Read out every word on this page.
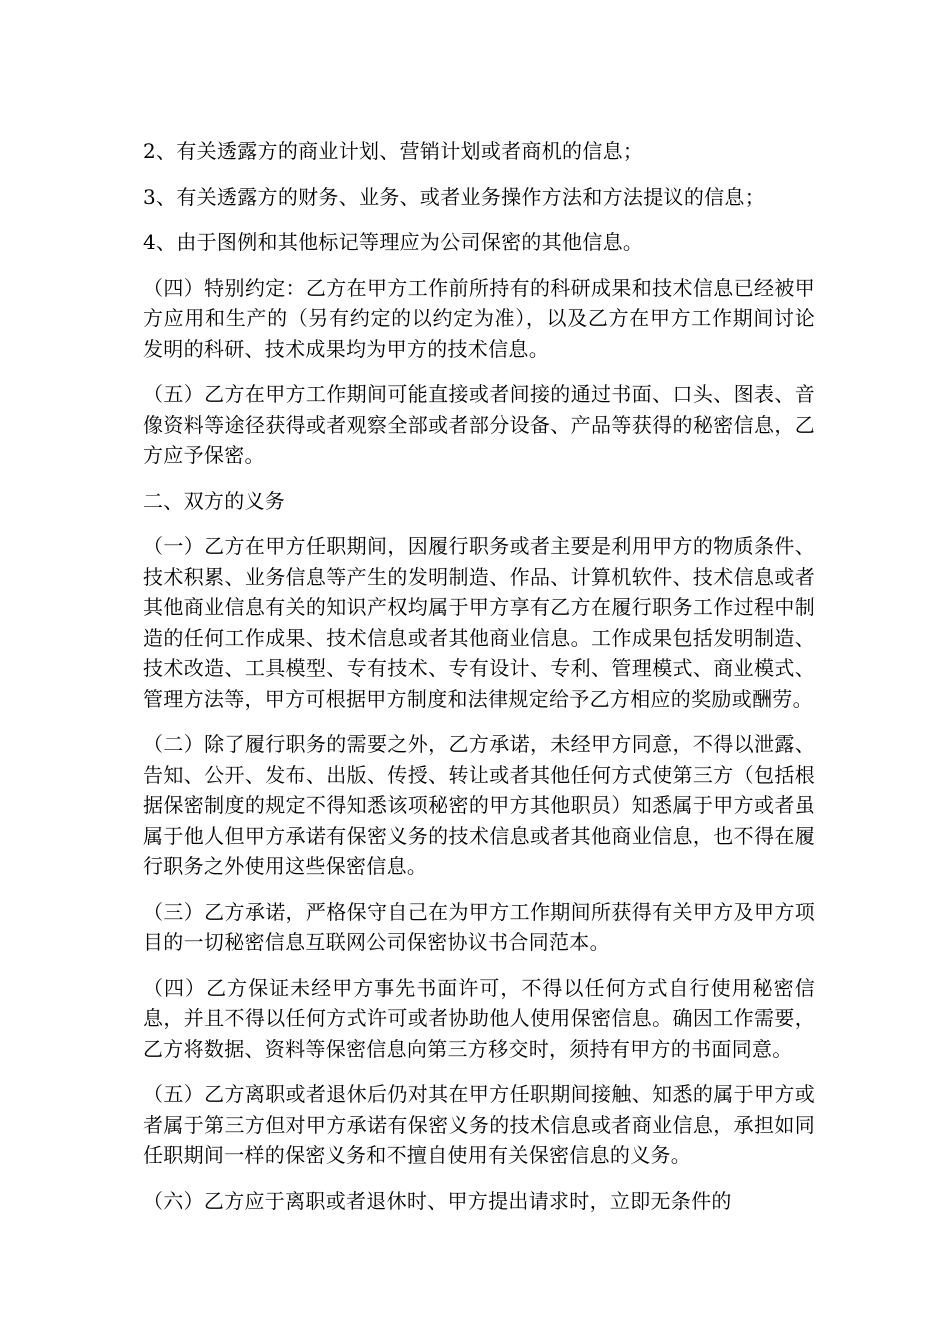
2、有关透露方的商业计划、营销计划或者商机的信息；

3、有关透露方的财务、业务、或者业务操作方法和方法提议的信息；

4、由于图例和其他标记等理应为公司保密的其他信息。

（四）特别约定：乙方在甲方工作前所持有的科研成果和技术信息已经被甲方应用和生产的（另有约定的以约定为准），以及乙方在甲方工作期间讨论发明的科研、技术成果均为甲方的技术信息。

（五）乙方在甲方工作期间可能直接或者间接的通过书面、口头、图表、音像资料等途径获得或者观察全部或者部分设备、产品等获得的秘密信息，乙方应予保密。

二、双方的义务

（一）乙方在甲方任职期间，因履行职务或者主要是利用甲方的物质条件、技术积累、业务信息等产生的发明制造、作品、计算机软件、技术信息或者其他商业信息有关的知识产权均属于甲方享有乙方在履行职务工作过程中制造的任何工作成果、技术信息或者其他商业信息。工作成果包括发明制造、技术改造、工具模型、专有技术、专有设计、专利、管理模式、商业模式、管理方法等，甲方可根据甲方制度和法律规定给予乙方相应的奖励或酬劳。

（二）除了履行职务的需要之外，乙方承诺，未经甲方同意，不得以泄露、告知、公开、发布、出版、传授、转让或者其他任何方式使第三方（包括根据保密制度的规定不得知悉该项秘密的甲方其他职员）知悉属于甲方或者虽属于他人但甲方承诺有保密义务的技术信息或者其他商业信息，也不得在履行职务之外使用这些保密信息。

（三）乙方承诺，严格保守自己在为甲方工作期间所获得有关甲方及甲方项目的一切秘密信息互联网公司保密协议书合同范本。

（四）乙方保证未经甲方事先书面许可，不得以任何方式自行使用秘密信息，并且不得以任何方式许可或者协助他人使用保密信息。确因工作需要，乙方将数据、资料等保密信息向第三方移交时，须持有甲方的书面同意。

（五）乙方离职或者退休后仍对其在甲方任职期间接触、知悉的属于甲方或者属于第三方但对甲方承诺有保密义务的技术信息或者商业信息，承担如同任职期间一样的保密义务和不擅自使用有关保密信息的义务。

（六）乙方应于离职或者退休时、甲方提出请求时，立即无条件的
